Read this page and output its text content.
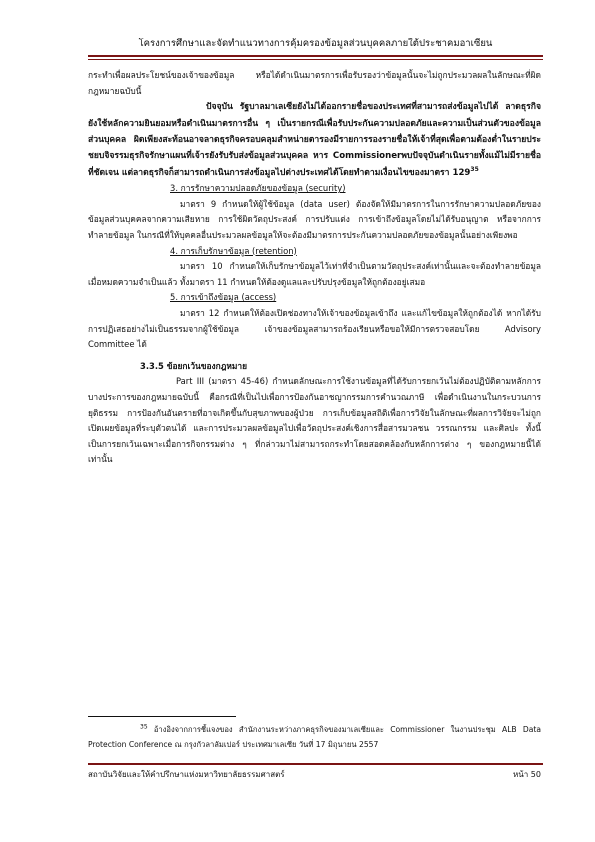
โครงการศึกษาและจัดทำแนวทางการคุ้มครองข้อมูลส่วนบุคคลภายใต้ประชาคมอาเซียน

กระทำเพื่อผลประโยชน์ของเจ้าของข้อมูล หรือได้ดำเนินมาตรการเพื่อรับรองว่าข้อมูลนั้นจะไม่ถูกประมวลผลในลักษณะที่ผิดกฎหมายฉบับนี้

ปัจจุบัน รัฐบาลมาเลเซียยังไม่ได้ออกรายชื่อของประเทศที่สามารถส่งข้อมูลไปได้ ลาดธุรกิจยังใช้หลักความยินยอมหรือดำเนินมาตรการอื่น ๆ เป็นรายกรณีเพื่อรับประกันความปลอดภัยและความเป็นส่วนตัวของข้อมูลส่วนบุคคล ผิดเพียงสะท้อนอาจลาดธุรกิจครอบคลุมสำหน่ายตารองมีรายการรองรายชื่อให้เจ้าที่สุดเพื่อตามต้องต่ำในรายประชยบจิจรรมธุรกิจรักษาแผนที่เจ้ารยังรับรับส่งข้อมูลส่วนบุคคล หาร Commissionerพบปัจจุบันดำเนินรายทั้งแม้ไม่มีรายชื่อที่ชัดเจน แต่ลาดธุรกิจก็สามารถดำเนินการส่งข้อมูลไปต่างประเทศได้โดยทำตามเงื่อนไขของมาตรา $129^{35}$

3. การรักษาความปลอดภัยของข้อมูล (security)

มาตรา 9 กำหนดให้ผู้ใช้ข้อมูล (data user) ต้องจัดให้มีมาตรการในการรักษาความปลอดภัยของข้อมูลส่วนบุคคลจากความเสียหาย การใช้ผิดวัตถุประสงค์ การปรับแต่ง การเข้าถึงข้อมูลโดยไม่ได้รับอนุญาต หรือจากการทำลายข้อมูล ในกรณีที่ให้บุคคลอื่นประมวลผลข้อมูลให้จะต้องมีมาตรการประกันความปลอดภัยของข้อมูลนั้นอย่างเพียงพอ

4. การเก็บรักษาข้อมูล (retention)

มาตรา 10 กำหนดให้เก็บรักษาข้อมูลไว้เท่าที่จำเป็นตามวัตถุประสงค์เท่านั้นและจะต้องทำลายข้อมูลเมื่อหมดความจำเป็นแล้ว ทั้งมาตรา 11 กำหนดให้ต้องดูแลและปรับปรุงข้อมูลให้ถูกต้องอยู่เสมอ

5. การเข้าถึงข้อมูล (access)

มาตรา 12 กำหนดให้ต้องเปิดช่องทางให้เจ้าของข้อมูลเข้าถึง และแก้ไขข้อมูลให้ถูกต้องได้ หากได้รับการปฏิเสธอย่างไม่เป็นธรรมจากผู้ใช้ข้อมูล เจ้าของข้อมูลสามารถร้องเรียนหรือขอให้มีการตรวจสอบโดย Advisory Committee ได้

3.3.5 ข้อยกเว้นของกฎหมาย

Part III (มาตรา 45-46) กำหนดลักษณะการใช้งานข้อมูลที่ได้รับการยกเว้นไม่ต้องปฏิบัติตามหลักการบางประการของกฎหมายฉบับนี้ คือกรณีที่เป็นไปเพื่อการป้องกันอาชญากรรมการคำนวณภาษี เพื่อดำเนินงานในกระบวนการยุติธรรม การป้องกันอันตรายที่อาจเกิดขึ้นกับสุขภาพของผู้ป่วย การเก็บข้อมูลสถิติเพื่อการวิจัยในลักษณะที่ผลการวิจัยจะไม่ถูกเปิดเผยข้อมูลที่ระบุตัวตนได้ และการประมวลผลข้อมูลไปเพื่อวัตถุประสงค์เชิงการสื่อสารมวลชน วรรณกรรม และศิลปะ ทั้งนี้เป็นการยกเว้นเฉพาะเมื่อการกิจกรรมต่าง ๆ ที่กล่าวมาไม่สามารถกระทำโดยสอดคล้องกับหลักการต่าง ๆ ของกฎหมายนี้ได้เท่านั้น

$^{35}$ อ้างอิงจากการชี้แจงของ สำนักงานระหว่างภาคธุรกิจของมาเลเซียและ Commissioner ในงานประชุม ALB Data Protection Conference ณ กรุงกัวลาลัมเปอร์ ประเทศมาเลเซีย วันที่ 17 มิถุนายน 2557
สถาบันวิจัยและให้คำปรึกษาแห่งมหาวิทยาลัยธรรมศาสตร์	หน้า 50
